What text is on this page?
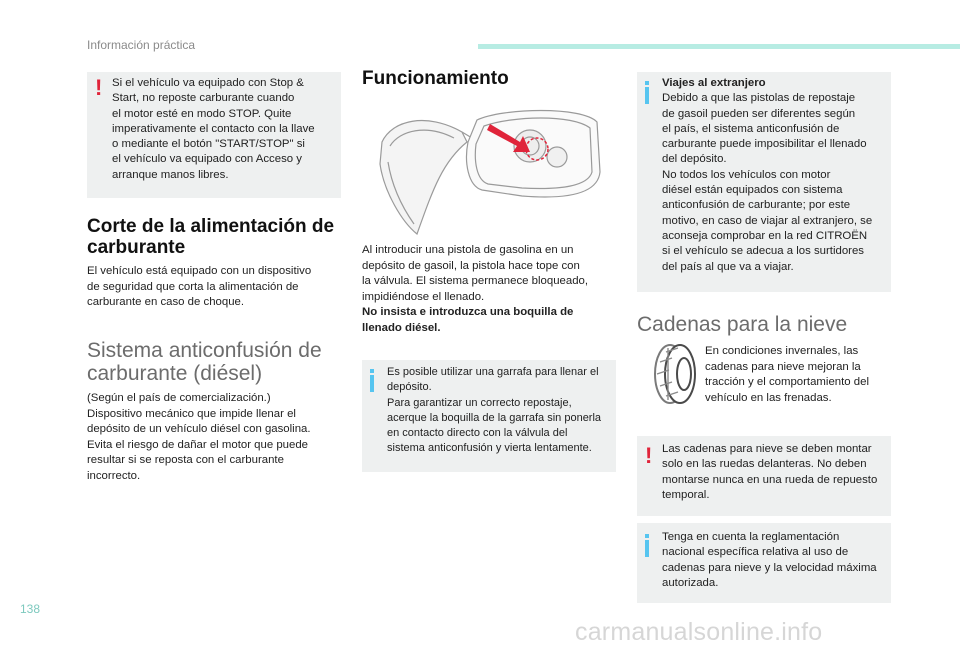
Información práctica
! Si el vehículo va equipado con Stop &
Start, no reposte carburante cuando
el motor esté en modo STOP. Quite
imperativamente el contacto con la llave
o mediante el botón "START/STOP" si
el vehículo va equipado con Acceso y
arranque manos libres.
Corte de la alimentación de
carburante
El vehículo está equipado con un dispositivo
de seguridad que corta la alimentación de
carburante en caso de choque.
Sistema anticonfusión de
carburante (diésel)
(Según el país de comercialización.)
Dispositivo mecánico que impide llenar el
depósito de un vehículo diésel con gasolina.
Evita el riesgo de dañar el motor que puede
resultar si se reposta con el carburante
incorrecto.
Funcionamiento
Al introducir una pistola de gasolina en un
depósito de gasoil, la pistola hace tope con
la válvula. El sistema permanece bloqueado,
impidiéndose el llenado.
No insista e introduzca una boquilla de
llenado diésel.
Es posible utilizar una garrafa para llenar el
depósito.
Para garantizar un correcto repostaje,
acerque la boquilla de la garrafa sin ponerla
en contacto directo con la válvula del
sistema anticonfusión y vierta lentamente.
Viajes al extranjero
Debido a que las pistolas de repostaje
de gasoil pueden ser diferentes según
el país, el sistema anticonfusión de
carburante puede imposibilitar el llenado
del depósito.
No todos los vehículos con motor
diésel están equipados con sistema
anticonfusión de carburante; por este
motivo, en caso de viajar al extranjero, se
aconseja comprobar en la red CITROËN
si el vehículo se adecua a los surtidores
del país al que va a viajar.
Cadenas para la nieve
En condiciones invernales, las
cadenas para nieve mejoran la
tracción y el comportamiento del
vehículo en las frenadas.
! Las cadenas para nieve se deben montar
solo en las ruedas delanteras. No deben
montarse nunca en una rueda de repuesto
temporal.
Tenga en cuenta la reglamentación
nacional específica relativa al uso de
cadenas para nieve y la velocidad máxima
autorizada.
138
carmanualsonline.info
